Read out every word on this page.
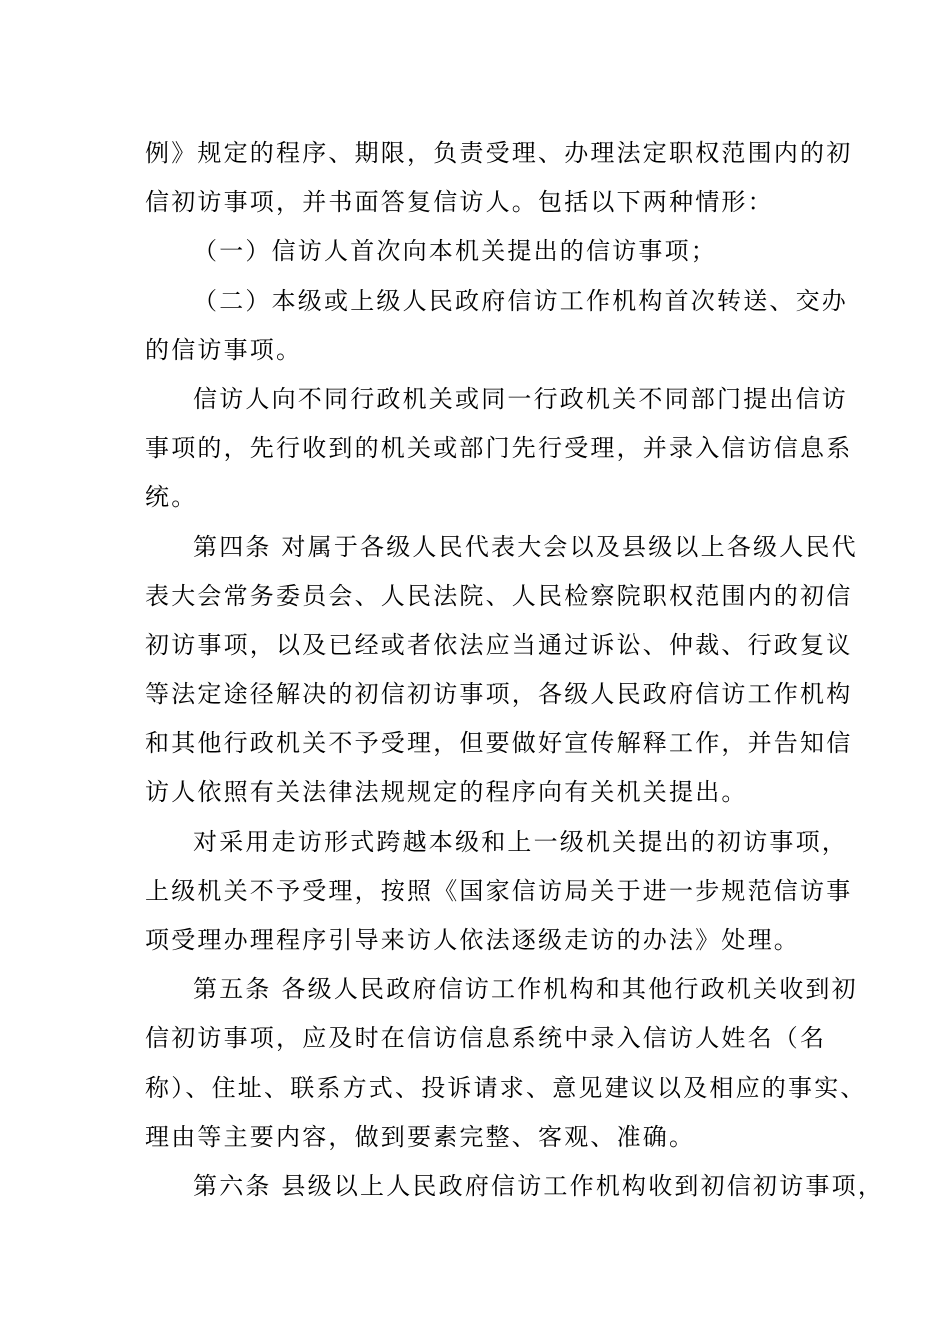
例》规定的程序、期限，负责受理、办理法定职权范围内的初
信初访事项，并书面答复信访人。包括以下两种情形：
（一）信访人首次向本机关提出的信访事项；
（二）本级或上级人民政府信访工作机构首次转送、交办
的信访事项。
信访人向不同行政机关或同一行政机关不同部门提出信访
事项的，先行收到的机关或部门先行受理，并录入信访信息系
统。
第四条 对属于各级人民代表大会以及县级以上各级人民代
表大会常务委员会、人民法院、人民检察院职权范围内的初信
初访事项，以及已经或者依法应当通过诉讼、仲裁、行政复议
等法定途径解决的初信初访事项，各级人民政府信访工作机构
和其他行政机关不予受理，但要做好宣传解释工作，并告知信
访人依照有关法律法规规定的程序向有关机关提出。
对采用走访形式跨越本级和上一级机关提出的初访事项，
上级机关不予受理，按照《国家信访局关于进一步规范信访事
项受理办理程序引导来访人依法逐级走访的办法》处理。
第五条 各级人民政府信访工作机构和其他行政机关收到初
信初访事项，应及时在信访信息系统中录入信访人姓名（名
称）、住址、联系方式、投诉请求、意见建议以及相应的事实、
理由等主要内容，做到要素完整、客观、准确。
第六条 县级以上人民政府信访工作机构收到初信初访事项，
